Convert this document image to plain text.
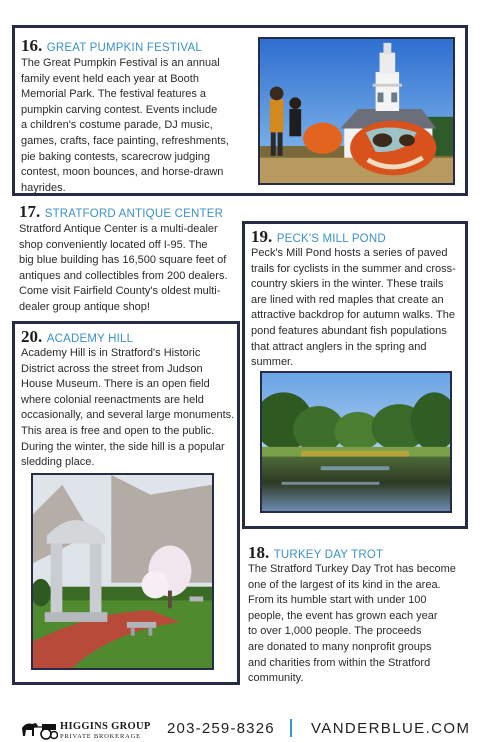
16. GREAT PUMPKIN FESTIVAL
The Great Pumpkin Festival is an annual
family event held each year at Booth
Memorial Park. The festival features a
pumpkin carving contest. Events include
a children's costume parade, DJ music,
games, crafts, face painting, refreshments,
pie baking contests, scarecrow judging
contest, moon bounces, and horse-drawn
hayrides.
17. STRATFORD ANTIQUE CENTER
Stratford Antique Center is a multi-dealer
shop conveniently located off I-95. The
big blue building has 16,500 square feet of
antiques and collectibles from 200 dealers.
Come visit Fairfield County's oldest multi-
dealer group antique shop!
19. PECK'S MILL POND
Peck's Mill Pond hosts a series of paved
trails for cyclists in the summer and cross-
country skiers in the winter. These trails
are lined with red maples that create an
attractive backdrop for autumn walks. The
pond features abundant fish populations
that attract anglers in the spring and
summer.
20. ACADEMY HILL
Academy Hill is in Stratford's Historic
District across the street from Judson
House Museum. There is an open field
where colonial reenactments are held
occasionally, and several large monuments.
This area is free and open to the public.
During the winter, the side hill is a popular
sledding place.
18. TURKEY DAY TROT
The Stratford Turkey Day Trot has become
one of the largest of its kind in the area.
From its humble start with under 100
people, the event has grown each year
to over 1,000 people. The proceeds
are donated to many nonprofit groups
and charities from within the Stratford
community.
HIGGINS GROUP
PRIVATE BROKERAGE 203-259-8326 VANDERBLUE.COM
